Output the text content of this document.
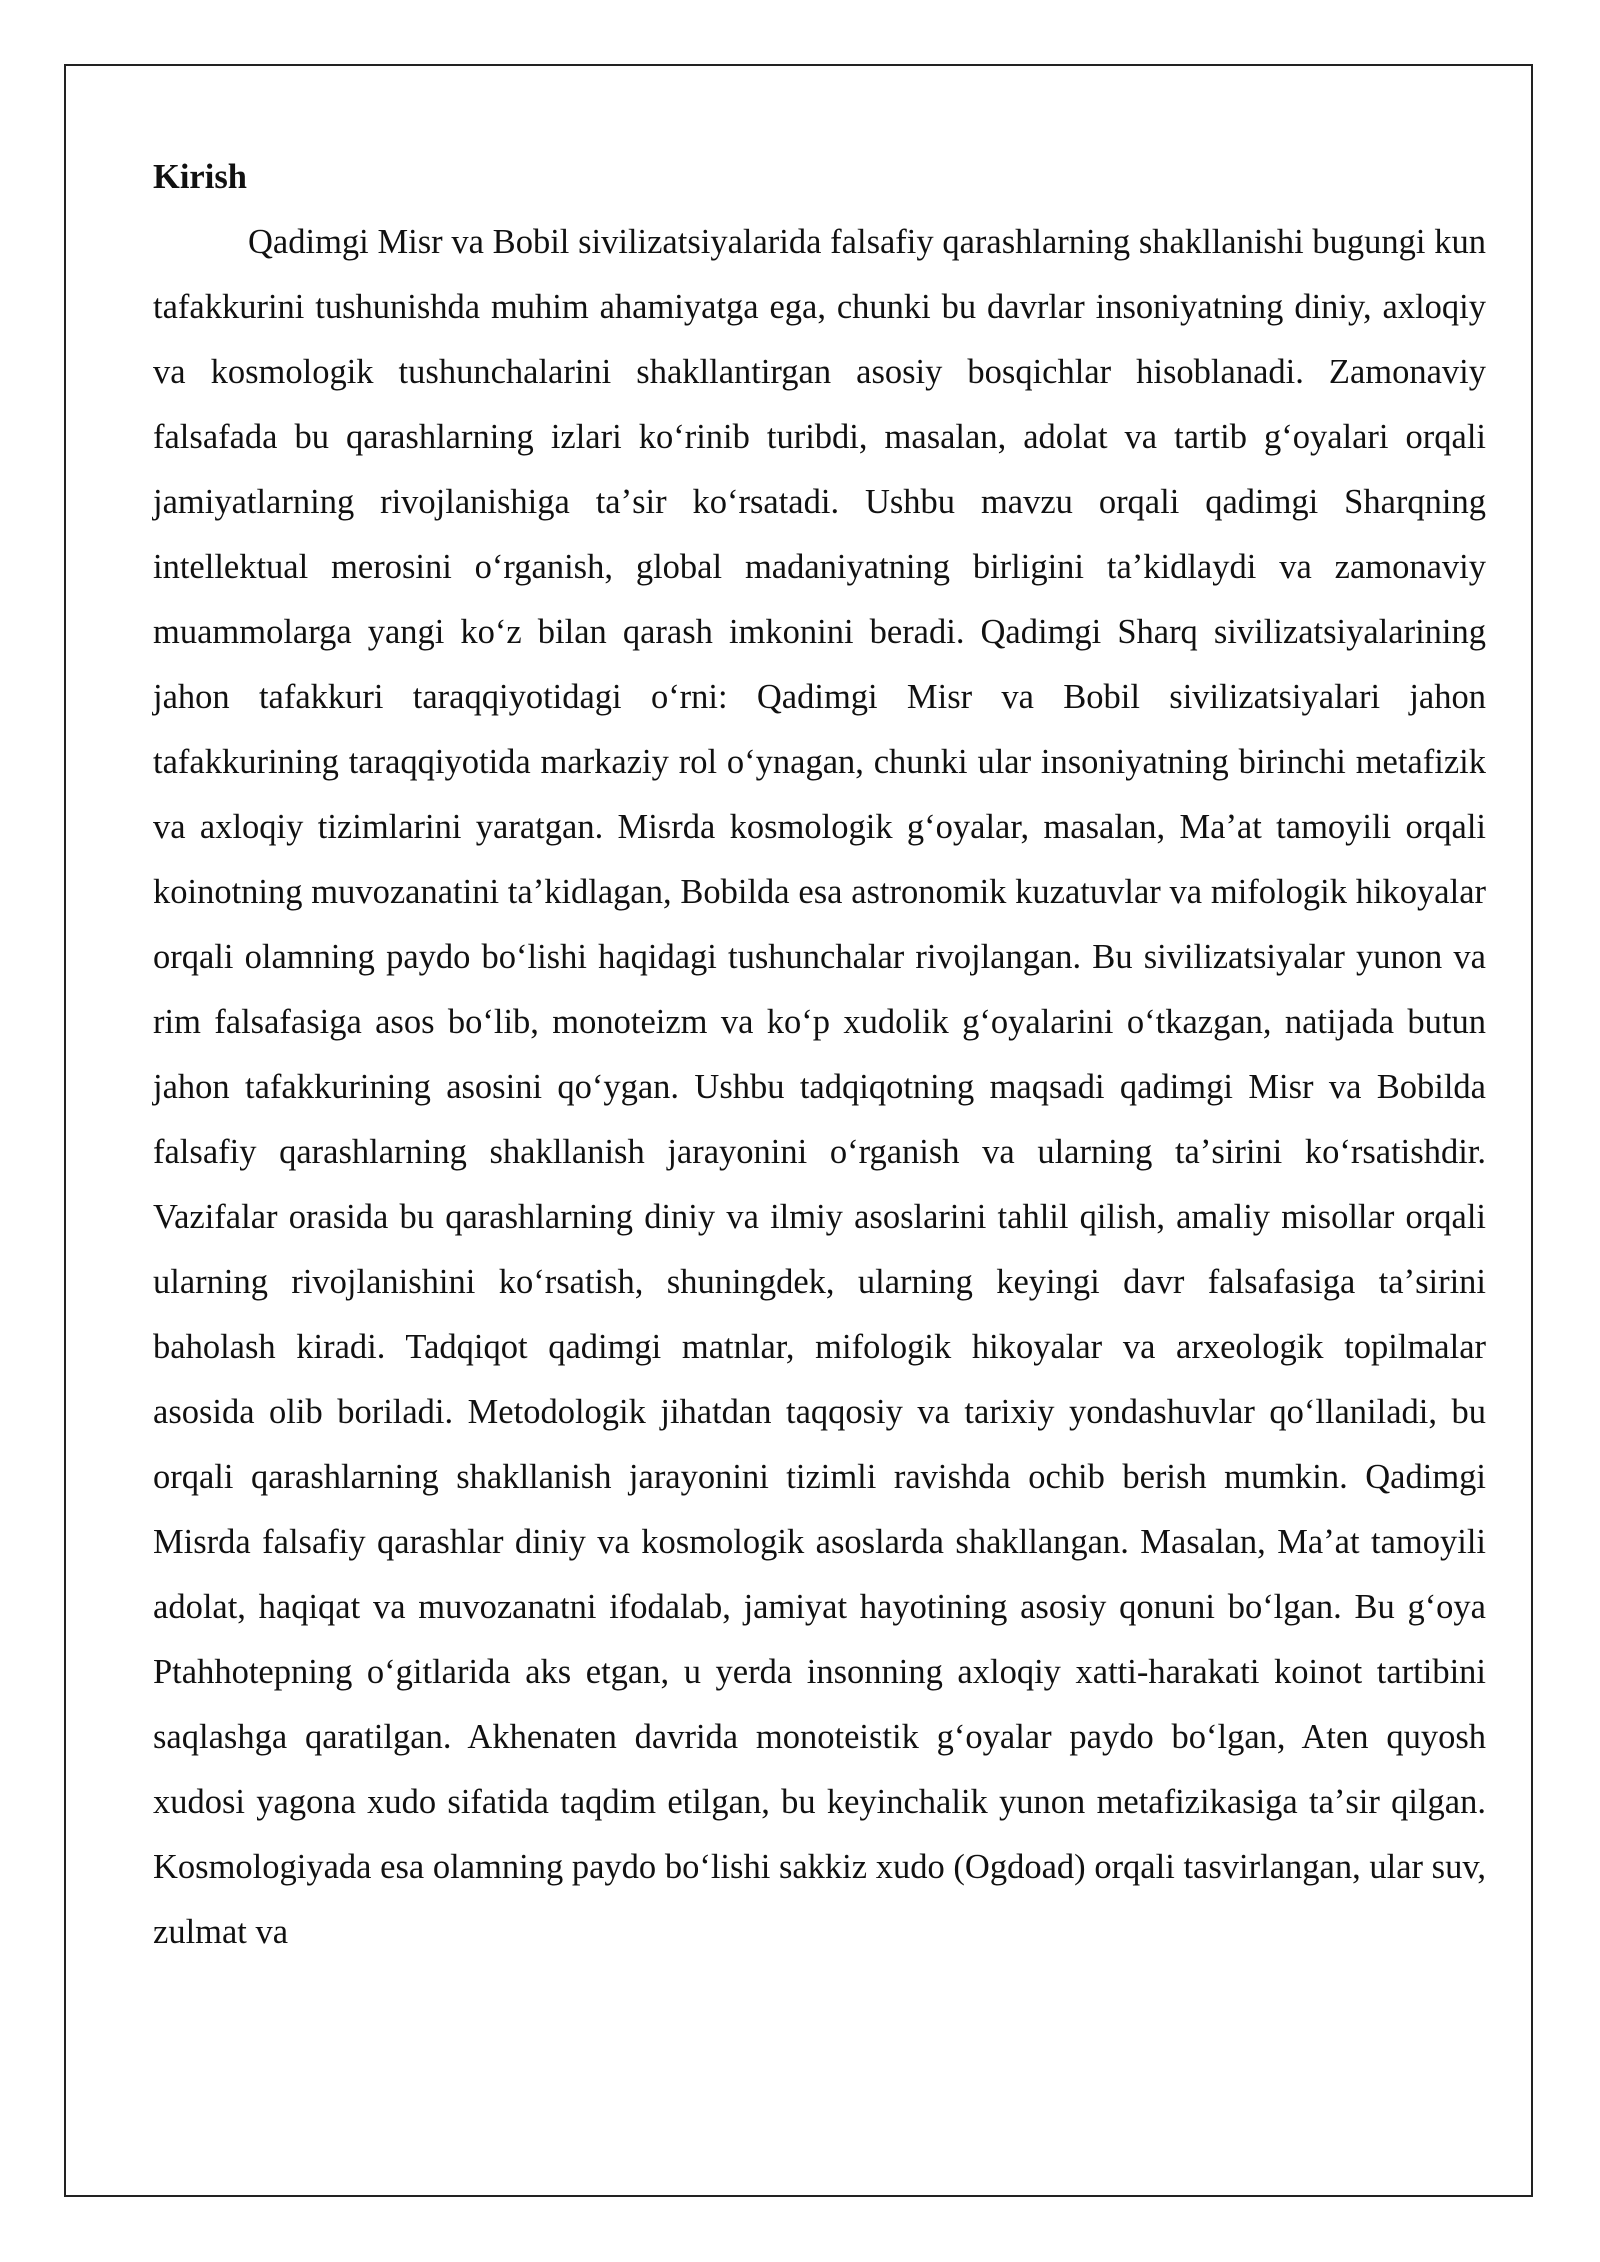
Kirish

Qadimgi Misr va Bobil sivilizatsiyalarida falsafiy qarashlarning shakllanishi bugungi kun tafakkurini tushunishda muhim ahamiyatga ega, chunki bu davrlar insoniyatning diniy, axloqiy va kosmologik tushunchalarini shakllantirgan asosiy bosqichlar hisoblanadi. Zamonaviy falsafada bu qarashlarning izlari koʻrinib turibdi, masalan, adolat va tartib gʻoyalari orqali jamiyatlarning rivojlanishiga taʼsir koʻrsatadi. Ushbu mavzu orqali qadimgi Sharqning intellektual merosini oʻrganish, global madaniyatning birligini taʼkidlaydi va zamonaviy muammolarga yangi koʻz bilan qarash imkonini beradi. Qadimgi Sharq sivilizatsiyalarining jahon tafakkuri taraqqiyotidagi oʻrni: Qadimgi Misr va Bobil sivilizatsiyalari jahon tafakkurining taraqqiyotida markaziy rol oʻynagan, chunki ular insoniyatning birinchi metafizik va axloqiy tizimlarini yaratgan. Misrda kosmologik gʻoyalar, masalan, Maʼat tamoyili orqali koinotning muvozanatini taʼkidlagan, Bobilda esa astronomik kuzatuvlar va mifologik hikoyalar orqali olamning paydo boʻlishi haqidagi tushunchalar rivojlangan. Bu sivilizatsiyalar yunon va rim falsafasiga asos boʻlib, monoteizm va koʻp xudolik gʻoyalarini oʻtkazgan, natijada butun jahon tafakkurining asosini qoʻygan. Ushbu tadqiqotning maqsadi qadimgi Misr va Bobilda falsafiy qarashlarning shakllanish jarayonini oʻrganish va ularning taʼsirini koʻrsatishdir. Vazifalar orasida bu qarashlarning diniy va ilmiy asoslarini tahlil qilish, amaliy misollar orqali ularning rivojlanishini koʻrsatish, shuningdek, ularning keyingi davr falsafasiga taʼsirini baholash kiradi. Tadqiqot qadimgi matnlar, mifologik hikoyalar va arxeologik topilmalar asosida olib boriladi. Metodologik jihatdan taqqosiy va tarixiy yondashuvlar qoʻllaniladi, bu orqali qarashlarning shakllanish jarayonini tizimli ravishda ochib berish mumkin. Qadimgi Misrda falsafiy qarashlar diniy va kosmologik asoslarda shakllangan. Masalan, Maʼat tamoyili adolat, haqiqat va muvozanatni ifodalab, jamiyat hayotining asosiy qonuni boʻlgan. Bu gʻoya Ptahhotepning oʻgitlarida aks etgan, u yerda insonning axloqiy xatti-harakati koinot tartibini saqlashga qaratilgan. Akhenaten davrida monoteistik gʻoyalar paydo boʻlgan, Aten quyosh xudosi yagona xudo sifatida taqdim etilgan, bu keyinchalik yunon metafizikasiga taʼsir qilgan. Kosmologiyada esa olamning paydo boʻlishi sakkiz xudo (Ogdoad) orqali tasvirlangan, ular suv, zulmat va
